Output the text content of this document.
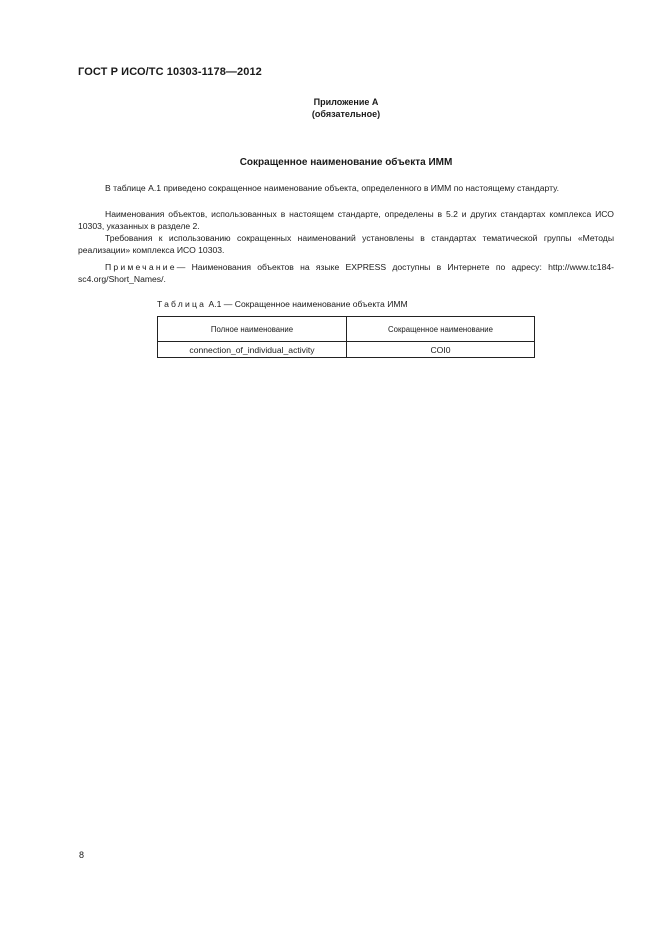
ГОСТ Р ИСО/ТС 10303-1178—2012
Приложение А
(обязательное)
Сокращенное наименование объекта ИММ
В таблице А.1 приведено сокращенное наименование объекта, определенного в ИММ по настоящему стандарту.
Наименования объектов, использованных в настоящем стандарте, определены в 5.2 и других стандартах комплекса ИСО 10303, указанных в разделе 2.
Требования к использованию сокращенных наименований установлены в стандартах тематической группы «Методы реализации» комплекса ИСО 10303.
Примечание— Наименования объектов на языке EXPRESS доступны в Интернете по адресу: http://www.tc184-sc4.org/Short_Names/.
Таблица А.1 — Сокращенное наименование объекта ИММ
Полное наименование	Сокращенное наименование
connection_of_individual_activity	COI0
8
